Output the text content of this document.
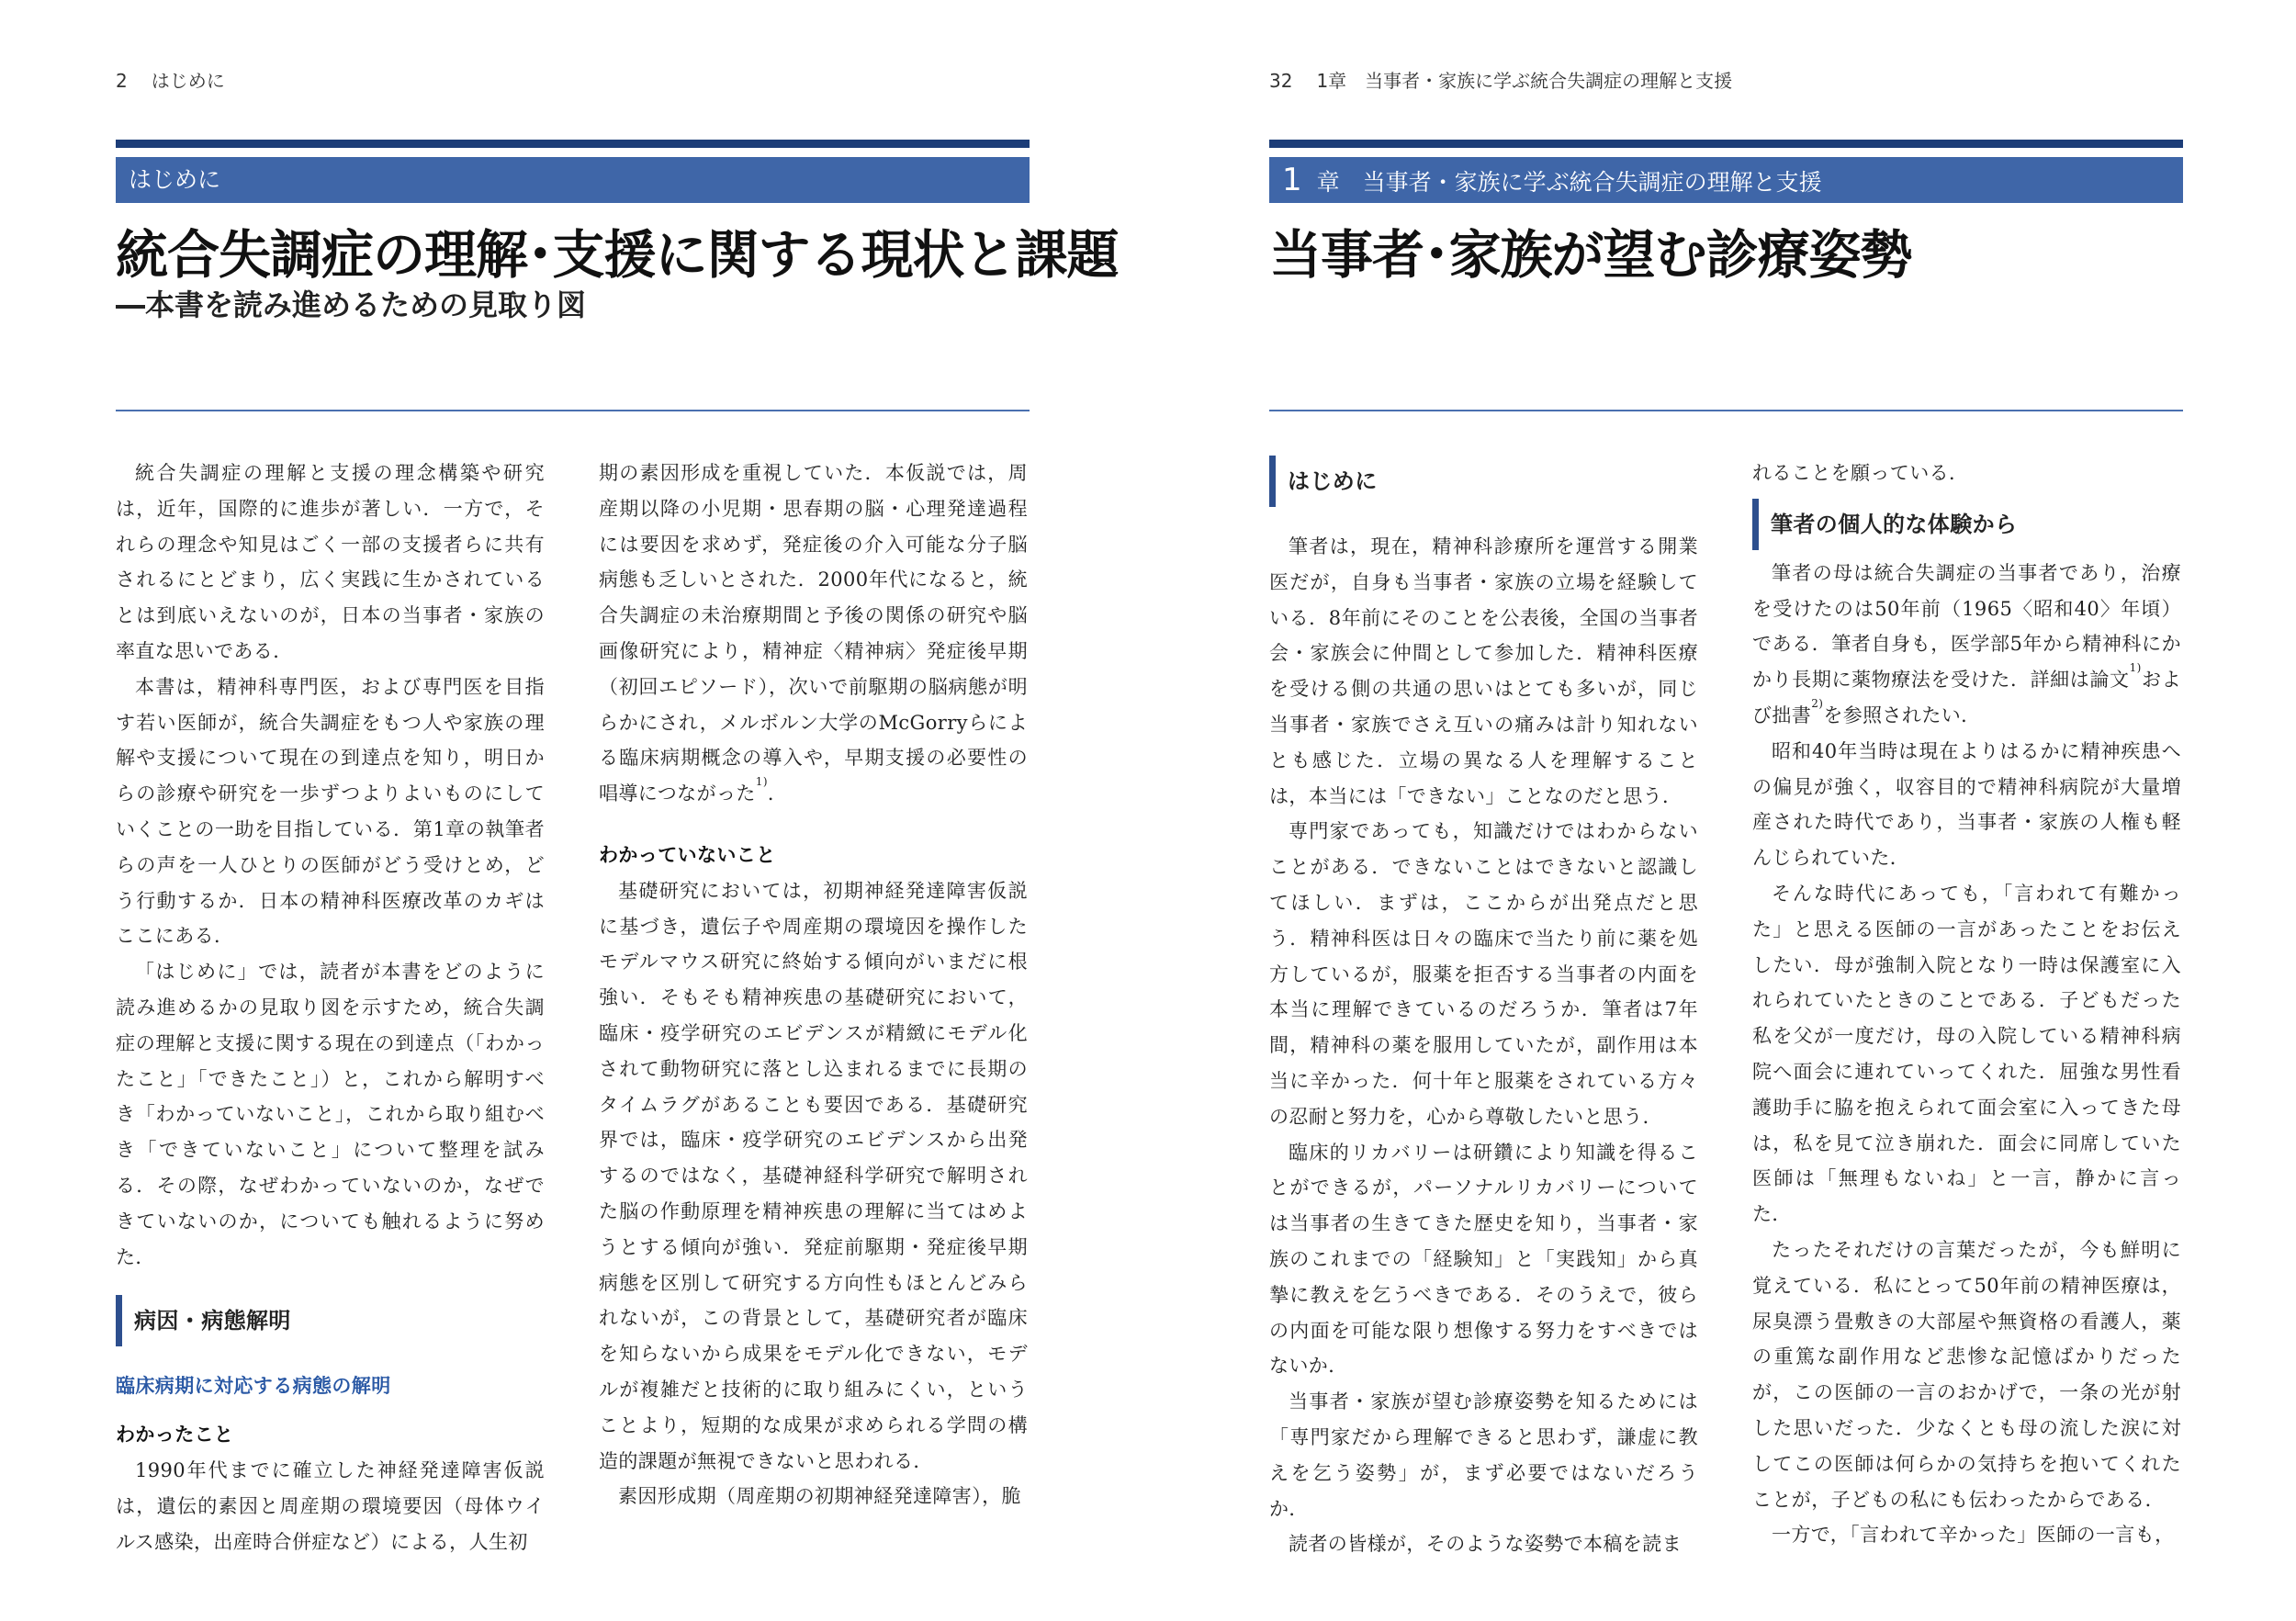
2 はじめに
はじめに
統合失調症の理解･支援に関する現状と課題
―本書を読み進めるための見取り図

統合失調症の理解と支援の理念構築や研究は，近年，国際的に進歩が著しい．一方で，それらの理念や知見はごく一部の支援者らに共有されるにとどまり，広く実践に生かされているとは到底いえないのが，日本の当事者・家族の率直な思いである．

本書は，精神科専門医，および専門医を目指す若い医師が，統合失調症をもつ人や家族の理解や支援について現在の到達点を知り，明日からの診療や研究を一歩ずつよりよいものにしていくことの一助を目指している．第1章の執筆者らの声を一人ひとりの医師がどう受けとめ，どう行動するか．日本の精神科医療改革のカギはここにある．

「はじめに」では，読者が本書をどのように読み進めるかの見取り図を示すため，統合失調症の理解と支援に関する現在の到達点（「わかったこと」「できたこと」）と，これから解明すべき「わかっていないこと」，これから取り組むべき「できていないこと」について整理を試みる．その際，なぜわかっていないのか，なぜできていないのか，についても触れるように努めた．

病因・病態解明
臨床病期に対応する病態の解明
わかったこと

1990年代までに確立した神経発達障害仮説は，遺伝的素因と周産期の環境要因（母体ウイルス感染，出産時合併症など）による，人生初

期の素因形成を重視していた．本仮説では，周産期以降の小児期・思春期の脳・心理発達過程には要因を求めず，発症後の介入可能な分子脳病態も乏しいとされた．2000年代になると，統合失調症の未治療期間と予後の関係の研究や脳画像研究により，精神症〈精神病〉発症後早期（初回エピソード），次いで前駆期の脳病態が明らかにされ，メルボルン大学のMcGorryらによる臨床病期概念の導入や，早期支援の必要性の唱導につながった$^{1)}$．

わかっていないこと

基礎研究においては，初期神経発達障害仮説に基づき，遺伝子や周産期の環境因を操作したモデルマウス研究に終始する傾向がいまだに根強い．そもそも精神疾患の基礎研究において，臨床・疫学研究のエビデンスが精緻にモデル化されて動物研究に落とし込まれるまでに長期のタイムラグがあることも要因である．基礎研究界では，臨床・疫学研究のエビデンスから出発するのではなく，基礎神経科学研究で解明された脳の作動原理を精神疾患の理解に当てはめようとする傾向が強い．発症前駆期・発症後早期病態を区別して研究する方向性もほとんどみられないが，この背景として，基礎研究者が臨床を知らないから成果をモデル化できない，モデルが複雑だと技術的に取り組みにくい，ということより，短期的な成果が求められる学問の構造的課題が無視できないと思われる．

素因形成期（周産期の初期神経発達障害），脆

32 1章　当事者・家族に学ぶ統合失調症の理解と支援
1 章　当事者・家族に学ぶ統合失調症の理解と支援
当事者･家族が望む診療姿勢
はじめに

筆者は，現在，精神科診療所を運営する開業医だが，自身も当事者・家族の立場を経験している．8年前にそのことを公表後，全国の当事者会・家族会に仲間として参加した．精神科医療を受ける側の共通の思いはとても多いが，同じ当事者・家族でさえ互いの痛みは計り知れないとも感じた．立場の異なる人を理解することは，本当には「できない」ことなのだと思う．

専門家であっても，知識だけではわからないことがある．できないことはできないと認識してほしい．まずは，ここからが出発点だと思う．精神科医は日々の臨床で当たり前に薬を処方しているが，服薬を拒否する当事者の内面を本当に理解できているのだろうか．筆者は7年間，精神科の薬を服用していたが，副作用は本当に辛かった．何十年と服薬をされている方々の忍耐と努力を，心から尊敬したいと思う．

臨床的リカバリーは研鑽により知識を得ることができるが，パーソナルリカバリーについては当事者の生きてきた歴史を知り，当事者・家族のこれまでの「経験知」と「実践知」から真摯に教えを乞うべきである．そのうえで，彼らの内面を可能な限り想像する努力をすべきではないか．

当事者・家族が望む診療姿勢を知るためには「専門家だから理解できると思わず，謙虚に教えを乞う姿勢」が，まず必要ではないだろうか．

読者の皆様が，そのような姿勢で本稿を読ま

れることを願っている．

筆者の個人的な体験から

筆者の母は統合失調症の当事者であり，治療を受けたのは50年前（1965〈昭和40〉年頃）である．筆者自身も，医学部5年から精神科にかかり長期に薬物療法を受けた．詳細は論文$^{1)}$および拙書$^{2)}$を参照されたい．

昭和40年当時は現在よりはるかに精神疾患への偏見が強く，収容目的で精神科病院が大量増産された時代であり，当事者・家族の人権も軽んじられていた．

そんな時代にあっても，「言われて有難かった」と思える医師の一言があったことをお伝えしたい．母が強制入院となり一時は保護室に入れられていたときのことである．子どもだった私を父が一度だけ，母の入院している精神科病院へ面会に連れていってくれた．屈強な男性看護助手に脇を抱えられて面会室に入ってきた母は，私を見て泣き崩れた．面会に同席していた医師は「無理もないね」と一言，静かに言った．

たったそれだけの言葉だったが，今も鮮明に覚えている．私にとって50年前の精神医療は，尿臭漂う畳敷きの大部屋や無資格の看護人，薬の重篤な副作用など悲惨な記憶ばかりだったが，この医師の一言のおかげで，一条の光が射した思いだった．少なくとも母の流した涙に対してこの医師は何らかの気持ちを抱いてくれたことが，子どもの私にも伝わったからである．

一方で，「言われて辛かった」医師の一言も，
